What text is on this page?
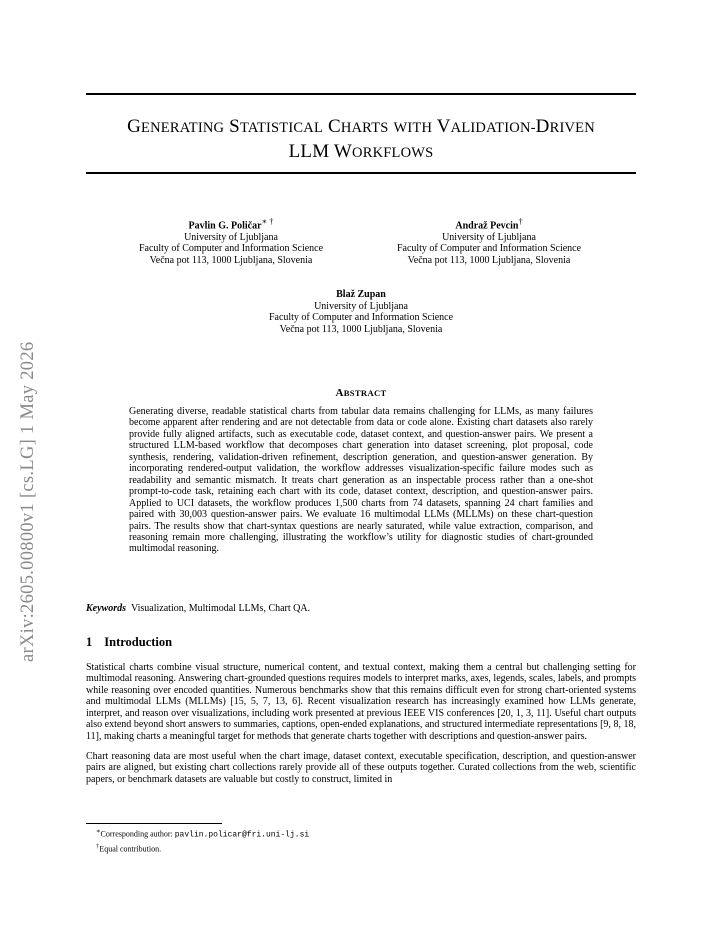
arXiv:2605.00800v1 [cs.LG] 1 May 2026
GENERATING STATISTICAL CHARTS WITH VALIDATION-DRIVEN
LLM WORKFLOWS
Pavlin G. Poličar∗ †
University of Ljubljana
Faculty of Computer and Information Science
Večna pot 113, 1000 Ljubljana, Slovenia
Andraž Pevcin†
University of Ljubljana
Faculty of Computer and Information Science
Večna pot 113, 1000 Ljubljana, Slovenia
Blaž Zupan
University of Ljubljana
Faculty of Computer and Information Science
Večna pot 113, 1000 Ljubljana, Slovenia
ABSTRACT
Generating diverse, readable statistical charts from tabular data remains challenging for LLMs, as many failures become apparent after rendering and are not detectable from data or code alone. Existing chart datasets also rarely provide fully aligned artifacts, such as executable code, dataset context, and question-answer pairs. We present a structured LLM-based workflow that decomposes chart generation into dataset screening, plot proposal, code synthesis, rendering, validation-driven refinement, description generation, and question-answer generation. By incorporating rendered-output validation, the workflow addresses visualization-specific failure modes such as readability and semantic mismatch. It treats chart generation as an inspectable process rather than a one-shot prompt-to-code task, retaining each chart with its code, dataset context, description, and question-answer pairs. Applied to UCI datasets, the workflow produces 1,500 charts from 74 datasets, spanning 24 chart families and paired with 30,003 question-answer pairs. We evaluate 16 multimodal LLMs (MLLMs) on these chart-question pairs. The results show that chart-syntax questions are nearly saturated, while value extraction, comparison, and reasoning remain more challenging, illustrating the workflow’s utility for diagnostic studies of chart-grounded multimodal reasoning.
Keywords Visualization, Multimodal LLMs, Chart QA.
1 Introduction
Statistical charts combine visual structure, numerical content, and textual context, making them a central but challenging setting for multimodal reasoning. Answering chart-grounded questions requires models to interpret marks, axes, legends, scales, labels, and prompts while reasoning over encoded quantities. Numerous benchmarks show that this remains difficult even for strong chart-oriented systems and multimodal LLMs (MLLMs) [15, 5, 7, 13, 6]. Recent visualization research has increasingly examined how LLMs generate, interpret, and reason over visualizations, including work presented at previous IEEE VIS conferences [20, 1, 3, 11]. Useful chart outputs also extend beyond short answers to summaries, captions, open-ended explanations, and structured intermediate representations [9, 8, 18, 11], making charts a meaningful target for methods that generate charts together with descriptions and question-answer pairs.
Chart reasoning data are most useful when the chart image, dataset context, executable specification, description, and question-answer pairs are aligned, but existing chart collections rarely provide all of these outputs together. Curated collections from the web, scientific papers, or benchmark datasets are valuable but costly to construct, limited in
∗Corresponding author: pavlin.policar@fri.uni-lj.si
†Equal contribution.
